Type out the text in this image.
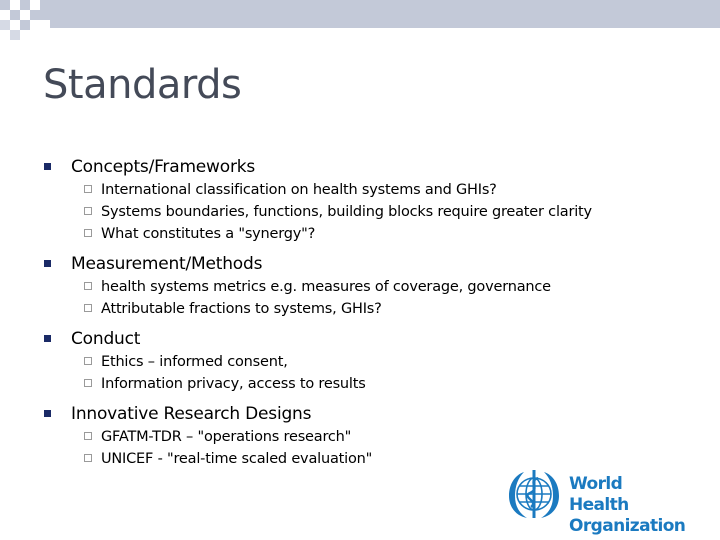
Standards
Concepts/Frameworks
International classification on health systems and GHIs?
Systems boundaries, functions, building blocks require greater clarity
What constitutes a "synergy"?
Measurement/Methods
health systems metrics e.g. measures of coverage, governance
Attributable fractions to systems, GHIs?
Conduct
Ethics – informed consent,
Information privacy, access to results
Innovative Research Designs
GFATM-TDR – "operations research"
UNICEF - "real-time scaled evaluation"
World Health
Organization
